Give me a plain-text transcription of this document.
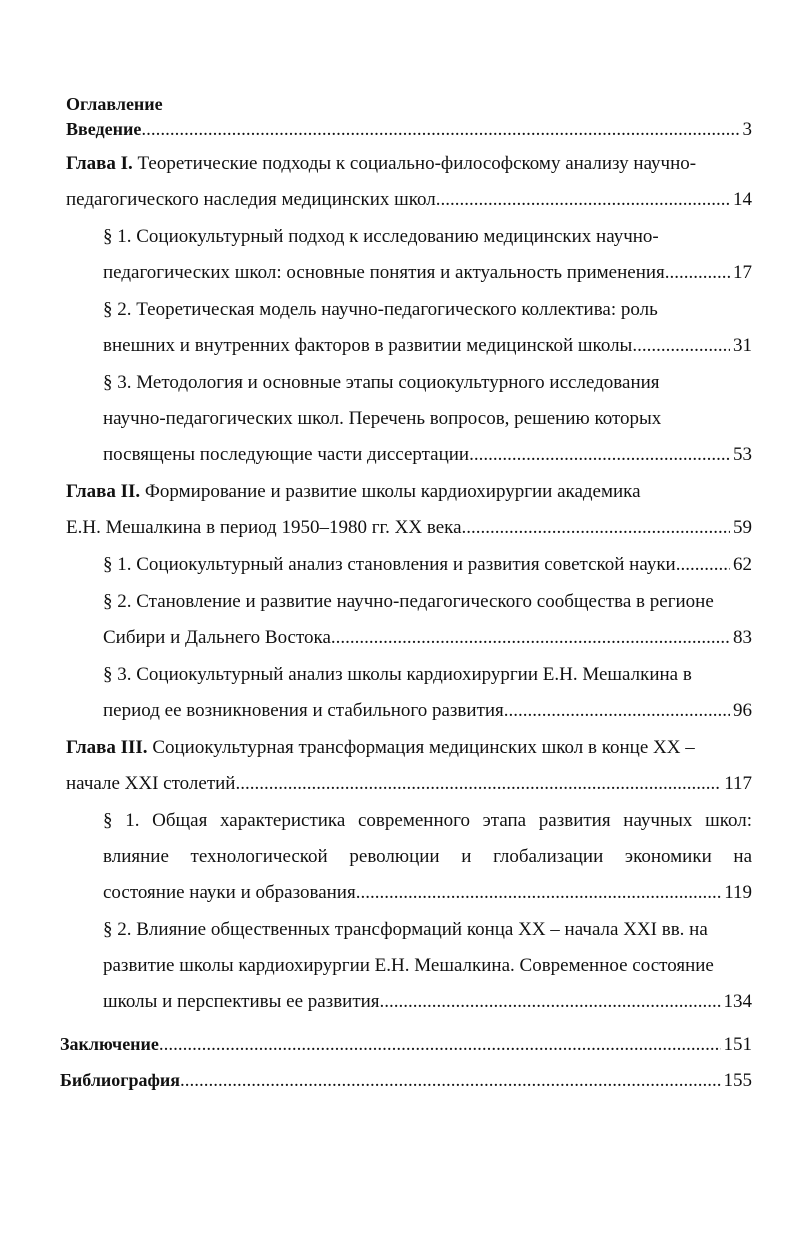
Оглавление
Введение .....	3
Глава I. Теоретические подходы к социально-философскому анализу научно-
педагогического наследия медицинских школ .....	14
§ 1. Социокультурный подход к исследованию медицинских научно-
педагогических школ: основные понятия и актуальность применения .....	17
§ 2. Теоретическая модель научно-педагогического коллектива: роль
внешних и внутренних факторов в развитии медицинской школы .....	31
§ 3. Методология и основные этапы социокультурного исследования
научно-педагогических школ. Перечень вопросов, решению которых
посвящены последующие части диссертации .....	53
Глава II. Формирование и развитие школы кардиохирургии академика
Е.Н. Мешалкина в период 1950–1980 гг. XX века .....	59
§ 1. Социокультурный анализ становления и развития советской науки .....	62
§ 2. Становление и развитие научно-педагогического сообщества в регионе
Сибири и Дальнего Востока .....	83
§ 3. Социокультурный анализ школы кардиохирургии Е.Н. Мешалкина в
период ее возникновения и стабильного развития .....	96
Глава III. Социокультурная трансформация медицинских школ в конце XX –
начале XXI столетий .....	117
§ 1. Общая характеристика современного этапа развития научных школ:
влияние технологической революции и глобализации экономики на
состояние науки и образования .....	119
§ 2. Влияние общественных трансформаций конца XX – начала XXI вв. на
развитие школы кардиохирургии Е.Н. Мешалкина. Современное состояние
школы и перспективы ее развития .....	134
Заключение .....	151
Библиография .....	155
